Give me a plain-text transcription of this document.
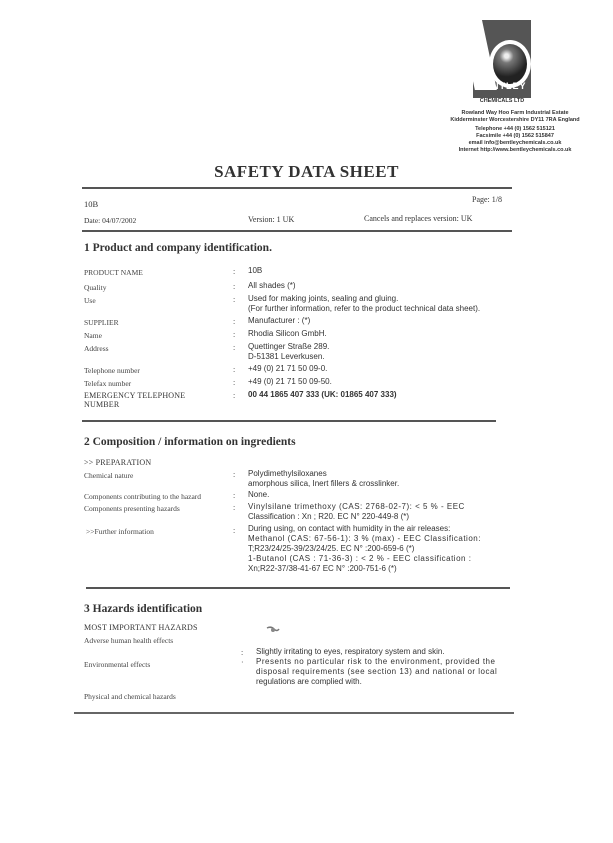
BENTLEY
CHEMICALS LTD
Rowland Way Hoo Farm Industrial Estate
Kidderminster Worcestershire DY11 7RA England
Telephone +44 (0) 1562 515121
Facsimile +44 (0) 1562 515847
email info@bentleychemicals.co.uk
Internet http://www.bentleychemicals.co.uk
SAFETY DATA SHEET
10B	Page: 1/8
Date: 04/07/2002	Version: 1 UK	Cancels and replaces version: UK
1 Product and company identification.
PRODUCT NAME	: 10B
Quality	: All shades (*)
Use	: Used for making joints, sealing and gluing.
(For further information, refer to the product technical data sheet).
SUPPLIER	: Manufacturer : (*)
Name	: Rhodia Silicon GmbH.
Address	: Quettinger Straße 289.
D-51381 Leverkusen.
Telephone number	: +49 (0) 21 71 50 09-0.
Telefax number	: +49 (0) 21 71 50 09-50.
EMERGENCY TELEPHONE
NUMBER
: 00 44 1865 407 333 (UK: 01865 407 333)
2 Composition / information on ingredients
>> PREPARATION
Chemical nature	: Polydimethylsiloxanes
amorphous silica, Inert fillers & crosslinker.
Components contributing to the hazard	: None.
Components presenting hazards	: Vinylsilane trimethoxy (CAS: 2768-02-7): < 5 % - EEC
Classification : Xn ; R20. EC N° 220-449-8 (*)
>>Further information	: During using, on contact with humidity in the air releases:
Methanol (CAS: 67-56-1): 3 % (max) - EEC Classification:
T;R23/24/25-39/23/24/25. EC N° :200-659-6 (*)
1-Butanol (CAS : 71-36-3) : < 2 % - EEC classification :
Xn;R22-37/38-41-67 EC N° :200-751-6 (*)
3 Hazards identification
MOST IMPORTANT HAZARDS
Adverse human health effects
: Slightly irritating to eyes, respiratory system and skin.
Environmental effects	· Presents no particular risk to the environment, provided the
disposal requirements (see section 13) and national or local
regulations are complied with.
Physical and chemical hazards
